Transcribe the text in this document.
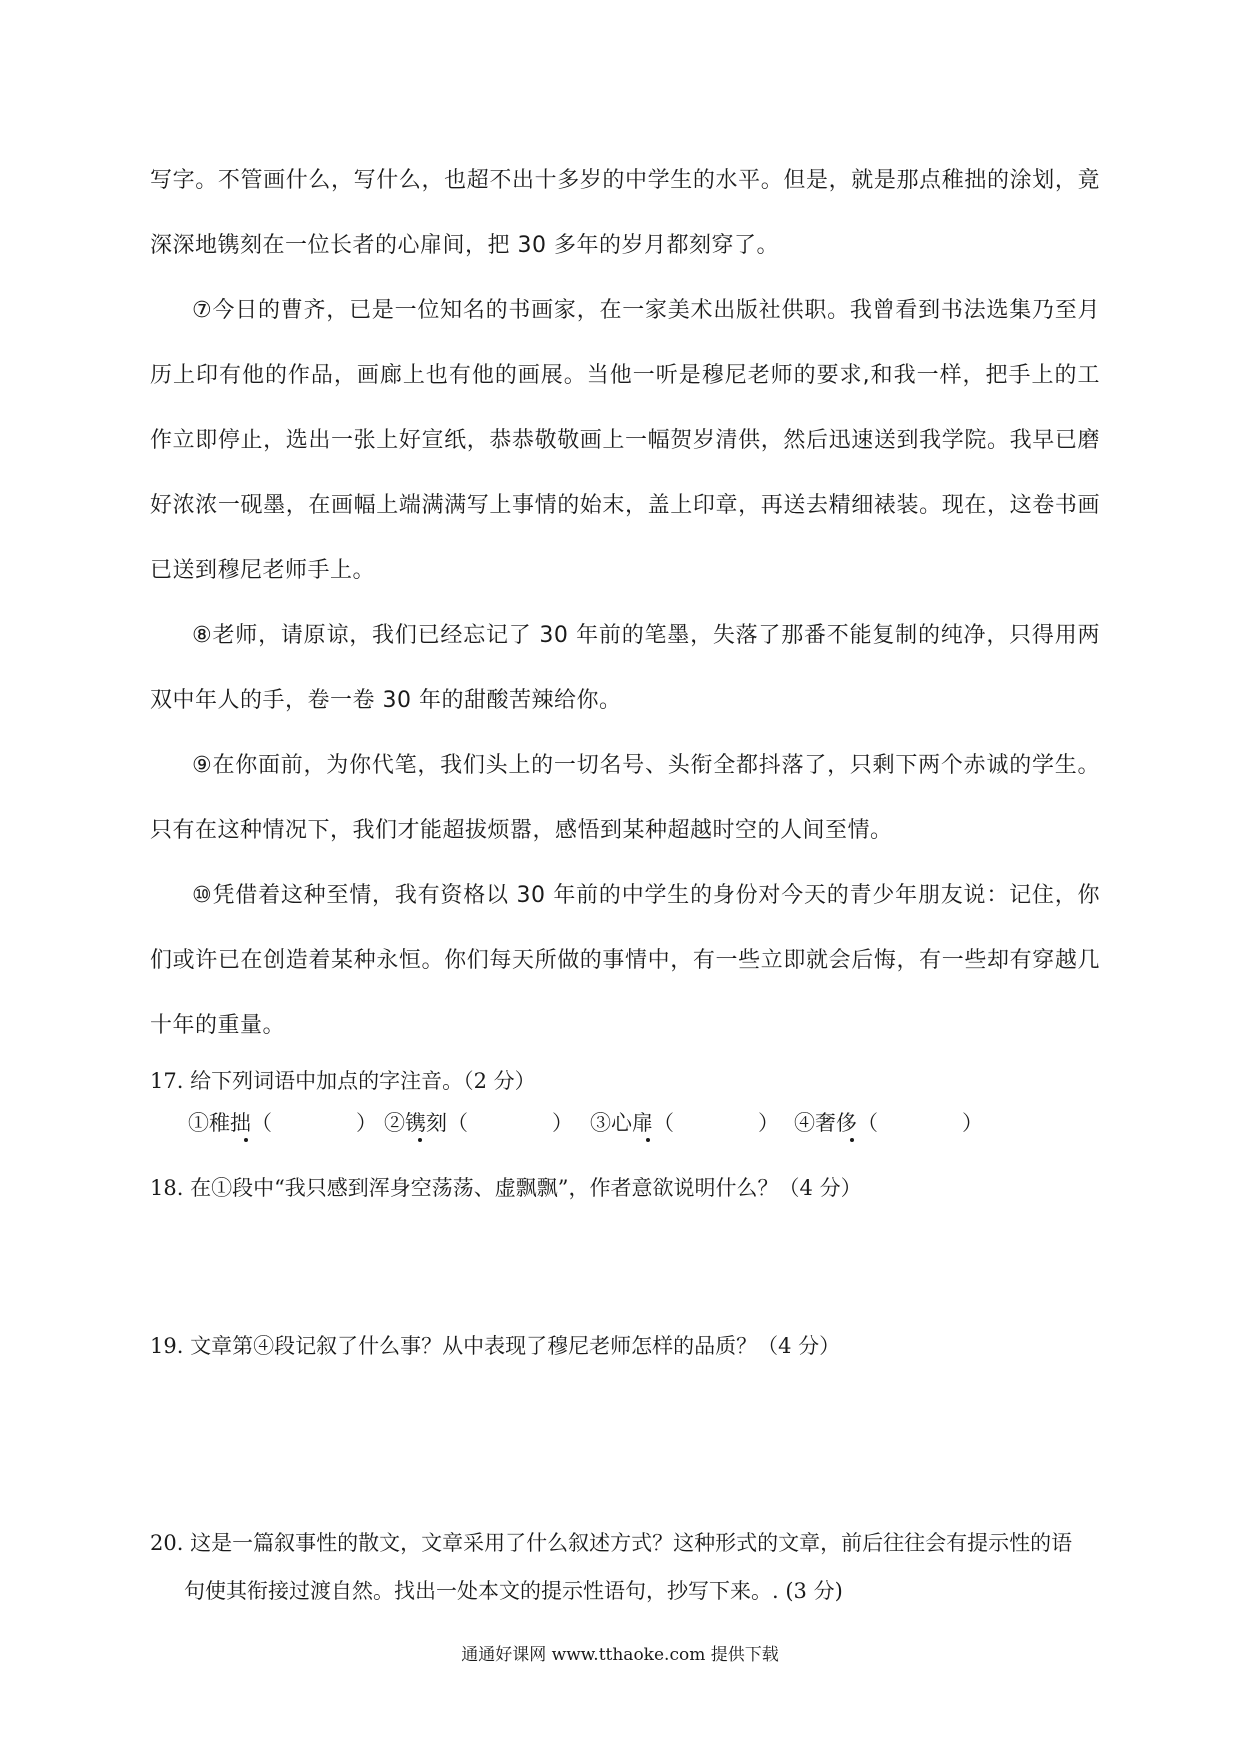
写字。不管画什么，写什么，也超不出十多岁的中学生的水平。但是，就是那点稚拙的涂划，竟深深地镌刻在一位长者的心扉间，把 30 多年的岁月都刻穿了。

⑦今日的曹齐，已是一位知名的书画家，在一家美术出版社供职。我曾看到书法选集乃至月历上印有他的作品，画廊上也有他的画展。当他一听是穆尼老师的要求,和我一样，把手上的工作立即停止，选出一张上好宣纸，恭恭敬敬画上一幅贺岁清供，然后迅速送到我学院。我早已磨好浓浓一砚墨，在画幅上端满满写上事情的始末，盖上印章，再送去精细裱装。现在，这卷书画已送到穆尼老师手上。

⑧老师，请原谅，我们已经忘记了 30 年前的笔墨，失落了那番不能复制的纯净，只得用两双中年人的手，卷一卷 30 年的甜酸苦辣给你。

⑨在你面前，为你代笔，我们头上的一切名号、头衔全都抖落了，只剩下两个赤诚的学生。只有在这种情况下，我们才能超拔烦嚣，感悟到某种超越时空的人间至情。

⑩凭借着这种至情，我有资格以 30 年前的中学生的身份对今天的青少年朋友说：记住，你们或许已在创造着某种永恒。你们每天所做的事情中，有一些立即就会后悔，有一些却有穿越几十年的重量。

17. 给下列词语中加点的字注音。（2 分）

①稚拙（　　　　） ②镌刻（　　　　） ③心扉（　　　　） ④奢侈（　　　　）

18. 在①段中“我只感到浑身空荡荡、虚飘飘”，作者意欲说明什么？（4 分）

19. 文章第④段记叙了什么事？从中表现了穆尼老师怎样的品质？（4 分）

20. 这是一篇叙事性的散文，文章采用了什么叙述方式？这种形式的文章，前后往往会有提示性的语

句使其衔接过渡自然。找出一处本文的提示性语句，抄写下来。. (3 分)

通通好课网 www.tthaoke.com 提供下载
